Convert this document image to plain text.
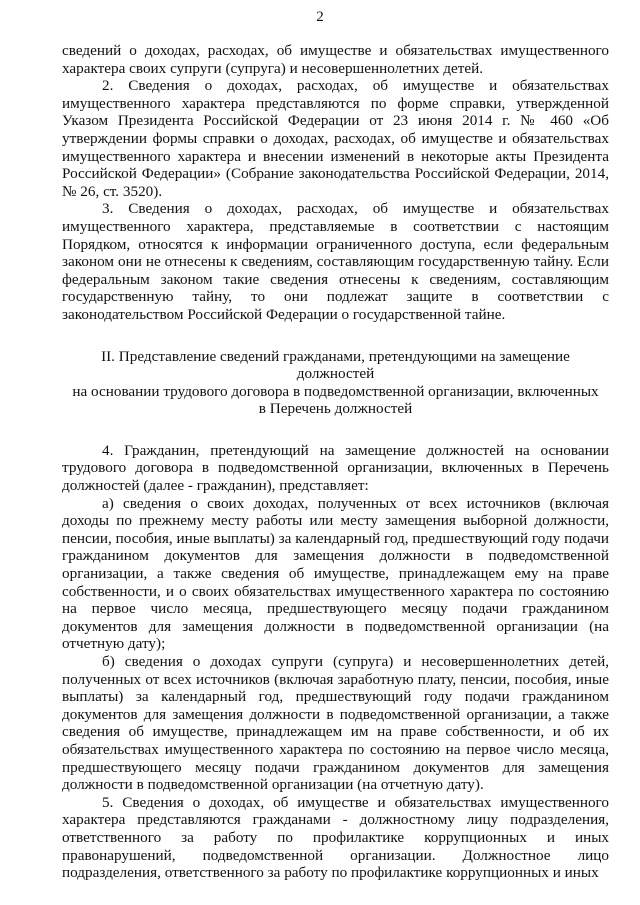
2

сведений о доходах, расходах, об имуществе и обязательствах имущественного характера своих супруги (супруга) и несовершеннолетних детей.

2. Сведения о доходах, расходах, об имуществе и обязательствах имущественного характера представляются по форме справки, утвержденной Указом Президента Российской Федерации от 23 июня 2014 г. № 460 «Об утверждении формы справки о доходах, расходах, об имуществе и обязательствах имущественного характера и внесении изменений в некоторые акты Президента Российской Федерации» (Собрание законодательства Российской Федерации, 2014, № 26, ст. 3520).

3. Сведения о доходах, расходах, об имуществе и обязательствах имущественного характера, представляемые в соответствии с настоящим Порядком, относятся к информации ограниченного доступа, если федеральным законом они не отнесены к сведениям, составляющим государственную тайну. Если федеральным законом такие сведения отнесены к сведениям, составляющим государственную тайну, то они подлежат защите в соответствии с законодательством Российской Федерации о государственной тайне.

II. Представление сведений гражданами, претендующими на замещение должностей
на основании трудового договора в подведомственной организации, включенных
в Перечень должностей

4. Гражданин, претендующий на замещение должностей на основании трудового договора в подведомственной организации, включенных в Перечень должностей (далее - гражданин), представляет:

а) сведения о своих доходах, полученных от всех источников (включая доходы по прежнему месту работы или месту замещения выборной должности, пенсии, пособия, иные выплаты) за календарный год, предшествующий году подачи гражданином документов для замещения должности в подведомственной организации, а также сведения об имуществе, принадлежащем ему на праве собственности, и о своих обязательствах имущественного характера по состоянию на первое число месяца, предшествующего месяцу подачи гражданином документов для замещения должности в подведомственной организации (на отчетную дату);

б) сведения о доходах супруги (супруга) и несовершеннолетних детей, полученных от всех источников (включая заработную плату, пенсии, пособия, иные выплаты) за календарный год, предшествующий году подачи гражданином документов для замещения должности в подведомственной организации, а также сведения об имуществе, принадлежащем им на праве собственности, и об их обязательствах имущественного характера по состоянию на первое число месяца, предшествующего месяцу подачи гражданином документов для замещения должности в подведомственной организации (на отчетную дату).

5. Сведения о доходах, об имуществе и обязательствах имущественного характера представляются гражданами - должностному лицу подразделения, ответственного за работу по профилактике коррупционных и иных правонарушений, подведомственной организации. Должностное лицо подразделения, ответственного за работу по профилактике коррупционных и иных
